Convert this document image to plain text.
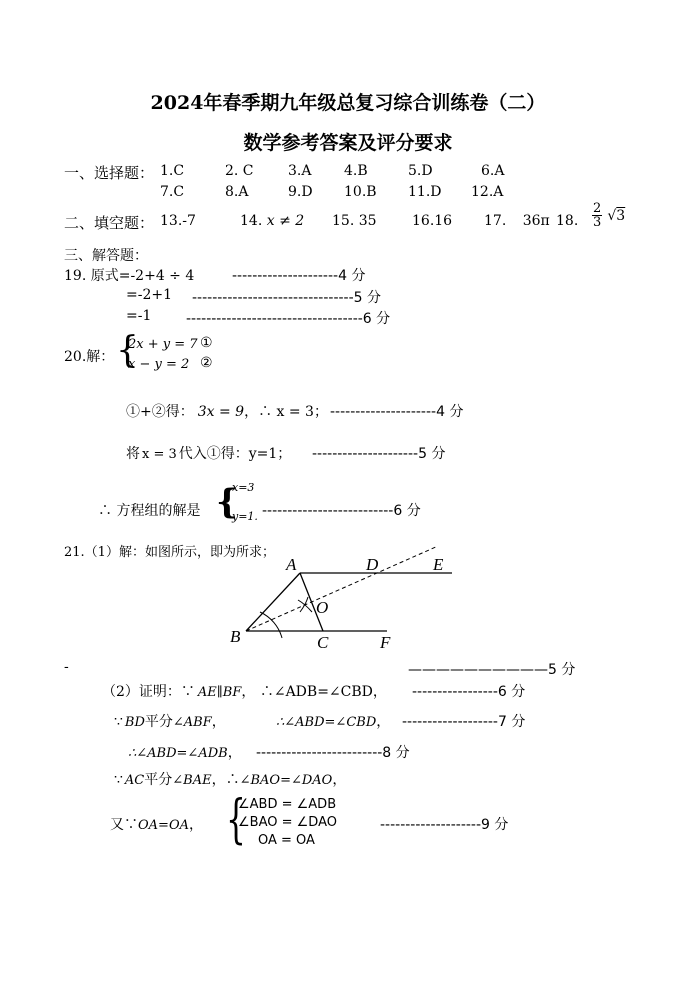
2024年春季期九年级总复习综合训练卷（二）
数学参考答案及评分要求
一、选择题： 1.C	2. C 3.A 4.B	5.D	6.A
7.C	8.A	9.D 10.B 11.D 12.A
二、填空题： 13.-7	14. x ≠ 2 15. 35	16.16 17. 36π 18. $\frac{2}{3} √3$
三、解答题：
19. 原式=-2+4 ÷ 4	---------------------4 分
=-2+1 --------------------------------5 分
=-1 -----------------------------------6 分
20.解： {
2x + y = 7 ①
x − y = 2 ②
①+②得： 3x = 9，∴ x = 3； ---------------------4 分
将 x = 3 代入①得：y=1； ---------------------5 分
∴ 方程组的解是 {
x=3
y=1. --------------------------6 分
21.（1）解：如图所示，即为所求；
A	D	E
O
B	C	F
-	——————————5 分
（2）证明：∵ AE∥BF， ∴∠ADB=∠CBD， -----------------6 分
∵ BD平分∠ABF，	∴∠ABD=∠CBD， -------------------7 分
∴∠ABD=∠ADB， -------------------------8 分
∵ AC平分∠BAE，∴∠BAO=∠DAO，
又∵OA=OA， {
∠ABD = ∠ADB
∠BAO = ∠DAO
OA = OA
--------------------9 分
